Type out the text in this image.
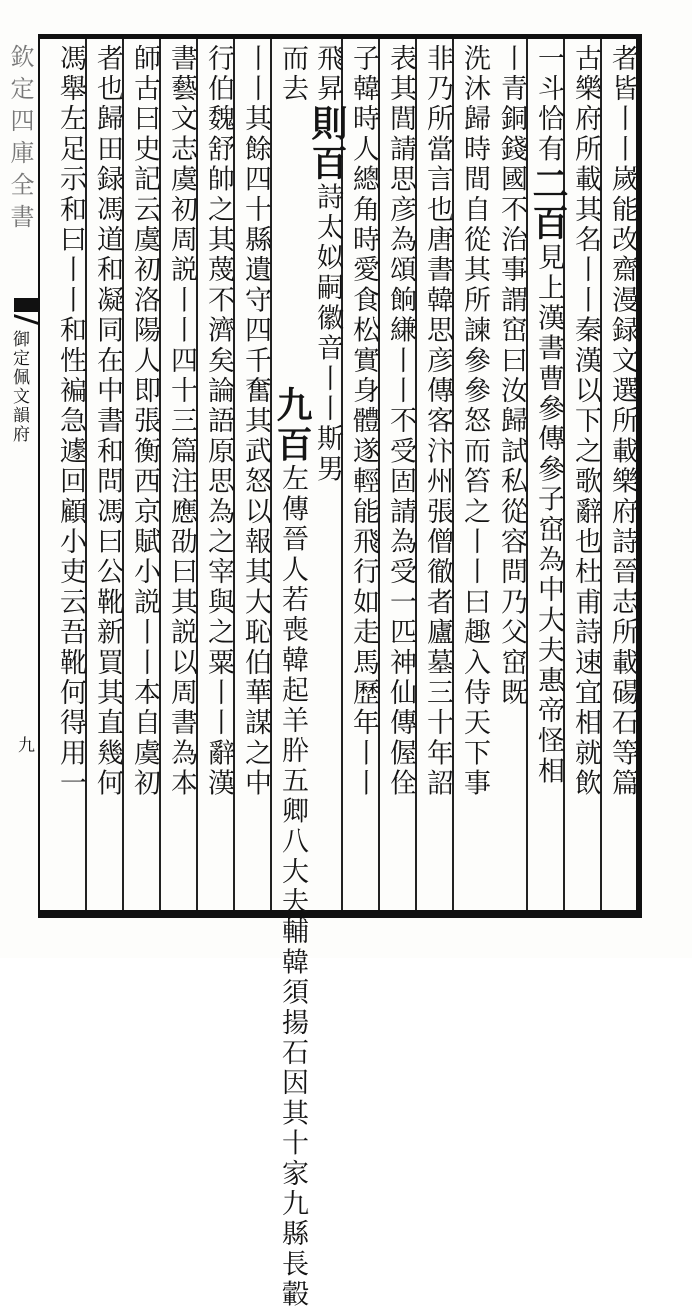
者皆丨丨嵗能改齋漫録文選所載樂府詩晉志所載碭石等篇
古樂府所載其名丨丨秦漢以下之歌辭也杜甫詩速宜相就飲
一斗恰有二百見上漢書曹參傳參子窋為中大夫惠帝怪相
丨青銅錢國不治事謂窋曰汝歸試私從容問乃父窋既
洗沐歸時間自從其所諫參參怒而笞之丨丨曰趣入侍天下事
非乃所當言也唐書韓思彦傳客汴州張僧徹者廬墓三十年詔
表其閭請思彦為頌餉縑丨丨不受固請為受一匹神仙傳偓佺
子韓時人總角時愛食松實身體遂輕能飛行如走馬歷年丨丨
飛昇則百詩太姒嗣徽音丨丨斯男
九百左傳晉人若喪韓起羊肸五卿八大夫輔韓須揚石因其十家九縣長轂
而去
丨丨其餘四十縣遺守四千奮其武怒以報其大恥伯華謀之中
行伯魏舒帥之其蔑不濟矣論語原思為之宰與之粟丨丨辭漢
書藝文志虞初周説丨丨四十三篇注應劭曰其説以周書為本
師古曰史記云虞初洛陽人即張衡西京賦小説丨丨本自虞初
者也歸田録馮道和凝同在中書和問馮曰公靴新買其直幾何
馮舉左足示和曰丨丨和性褊急遽回顧小吏云吾靴何得用一
欽定四庫全書
御定佩文韻府
九
